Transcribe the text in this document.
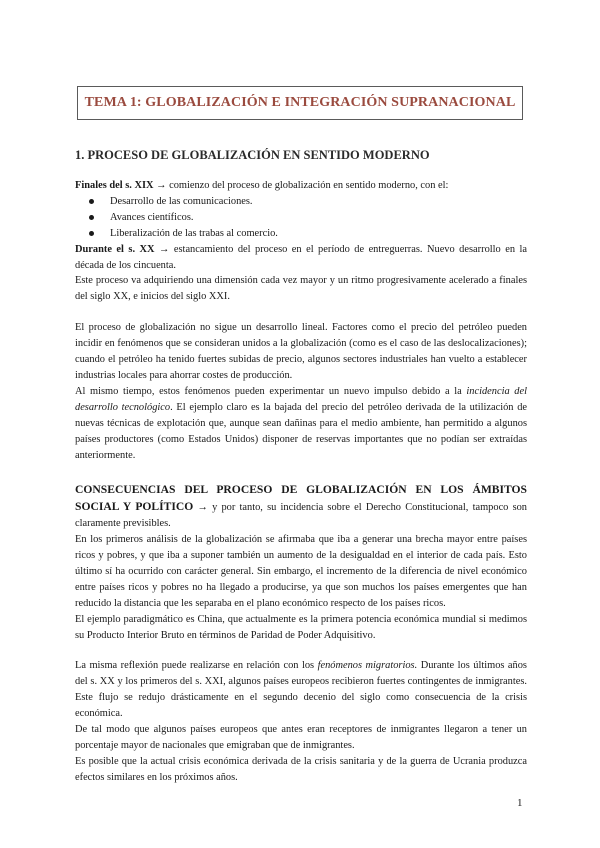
TEMA 1: GLOBALIZACIÓN E INTEGRACIÓN SUPRANACIONAL
1. PROCESO DE GLOBALIZACIÓN EN SENTIDO MODERNO

Finales del s. XIX → comienzo del proceso de globalización en sentido moderno, con el:

Desarrollo de las comunicaciones.
Avances científicos.
Liberalización de las trabas al comercio.

Durante el s. XX → estancamiento del proceso en el período de entreguerras. Nuevo desarrollo en la década de los cincuenta.

Este proceso va adquiriendo una dimensión cada vez mayor y un ritmo progresivamente acelerado a finales del siglo XX, e inicios del siglo XXI.

El proceso de globalización no sigue un desarrollo lineal. Factores como el precio del petróleo pueden incidir en fenómenos que se consideran unidos a la globalización (como es el caso de las deslocalizaciones); cuando el petróleo ha tenido fuertes subidas de precio, algunos sectores industriales han vuelto a establecer industrias locales para ahorrar costes de producción.

Al mismo tiempo, estos fenómenos pueden experimentar un nuevo impulso debido a la incidencia del desarrollo tecnológico. El ejemplo claro es la bajada del precio del petróleo derivada de la utilización de nuevas técnicas de explotación que, aunque sean dañinas para el medio ambiente, han permitido a algunos países productores (como Estados Unidos) disponer de reservas importantes que no podían ser extraídas anteriormente.

CONSECUENCIAS DEL PROCESO DE GLOBALIZACIÓN EN LOS ÁMBITOS SOCIAL Y POLÍTICO → y por tanto, su incidencia sobre el Derecho Constitucional, tampoco son claramente previsibles.

En los primeros análisis de la globalización se afirmaba que iba a generar una brecha mayor entre países ricos y pobres, y que iba a suponer también un aumento de la desigualdad en el interior de cada país. Esto último sí ha ocurrido con carácter general. Sin embargo, el incremento de la diferencia de nivel económico entre países ricos y pobres no ha llegado a producirse, ya que son muchos los países emergentes que han reducido la distancia que les separaba en el plano económico respecto de los países ricos.

El ejemplo paradigmático es China, que actualmente es la primera potencia económica mundial si medimos su Producto Interior Bruto en términos de Paridad de Poder Adquisitivo.

La misma reflexión puede realizarse en relación con los fenómenos migratorios. Durante los últimos años del s. XX y los primeros del s. XXI, algunos países europeos recibieron fuertes contingentes de inmigrantes. Este flujo se redujo drásticamente en el segundo decenio del siglo como consecuencia de la crisis económica.

De tal modo que algunos países europeos que antes eran receptores de inmigrantes llegaron a tener un porcentaje mayor de nacionales que emigraban que de inmigrantes.

Es posible que la actual crisis económica derivada de la crisis sanitaria y de la guerra de Ucrania produzca efectos similares en los próximos años.

1
